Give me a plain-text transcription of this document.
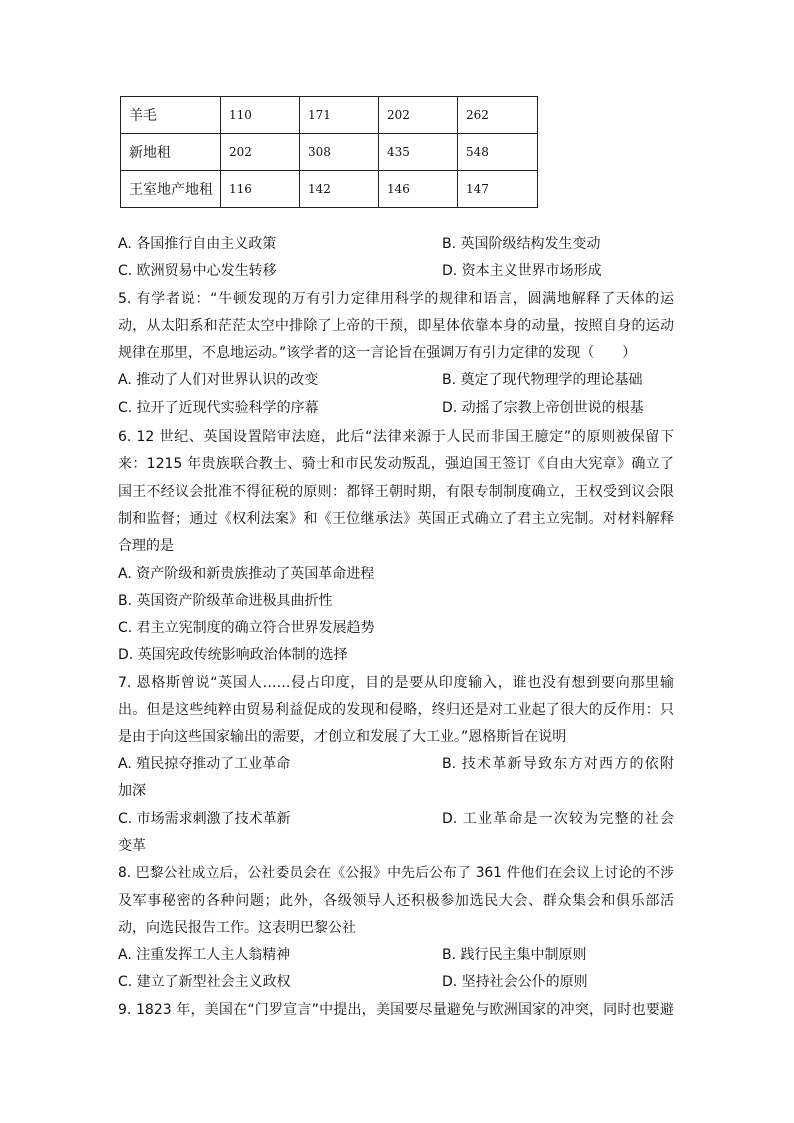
羊毛	110	171	202	262
新地租	202	308	435	548
王室地产地租	116	142	146	147
A. 各国推行自由主义政策	B. 英国阶级结构发生变动
C. 欧洲贸易中心发生转移	D. 资本主义世界市场形成
5. 有学者说：“牛顿发现的万有引力定律用科学的规律和语言，圆满地解释了天体的运
动，从太阳系和茫茫太空中排除了上帝的干预，即星体依靠本身的动量，按照自身的运动
规律在那里，不息地运动。”该学者的这一言论旨在强调万有引力定律的发现（　　）
A. 推动了人们对世界认识的改变	B. 奠定了现代物理学的理论基础
C. 拉开了近现代实验科学的序幕	D. 动摇了宗教上帝创世说的根基
6. 12 世纪、英国设置陪审法庭，此后“法律来源于人民而非国王臆定”的原则被保留下
来：1215 年贵族联合教士、骑士和市民发动叛乱，强迫国王签订《自由大宪章》确立了
国王不经议会批准不得征税的原则：都铎王朝时期，有限专制制度确立，王权受到议会限
制和监督；通过《权利法案》和《王位继承法》英国正式确立了君主立宪制。对材料解释
合理的是
A. 资产阶级和新贵族推动了英国革命进程
B. 英国资产阶级革命进极具曲折性
C. 君主立宪制度的确立符合世界发展趋势
D. 英国宪政传统影响政治体制的选择
7. 恩格斯曾说“英国人……侵占印度，目的是要从印度输入，谁也没有想到要向那里输
出。但是这些纯粹由贸易利益促成的发现和侵略，终归还是对工业起了很大的反作用：只
是由于向这些国家输出的需要，才创立和发展了大工业。”恩格斯旨在说明
A. 殖民掠夺推动了工业革命	B. 技术革新导致东方对西方的依附
加深
C. 市场需求刺激了技术革新	D. 工业革命是一次较为完整的社会
变革
8. 巴黎公社成立后，公社委员会在《公报》中先后公布了 361 件他们在会议上讨论的不涉
及军事秘密的各种问题；此外，各级领导人还积极参加选民大会、群众集会和俱乐部活
动，向选民报告工作。这表明巴黎公社
A. 注重发挥工人主人翁精神	B. 践行民主集中制原则
C. 建立了新型社会主义政权	D. 坚持社会公仆的原则
9. 1823 年，美国在“门罗宣言”中提出，美国要尽量避免与欧洲国家的冲突，同时也要避
